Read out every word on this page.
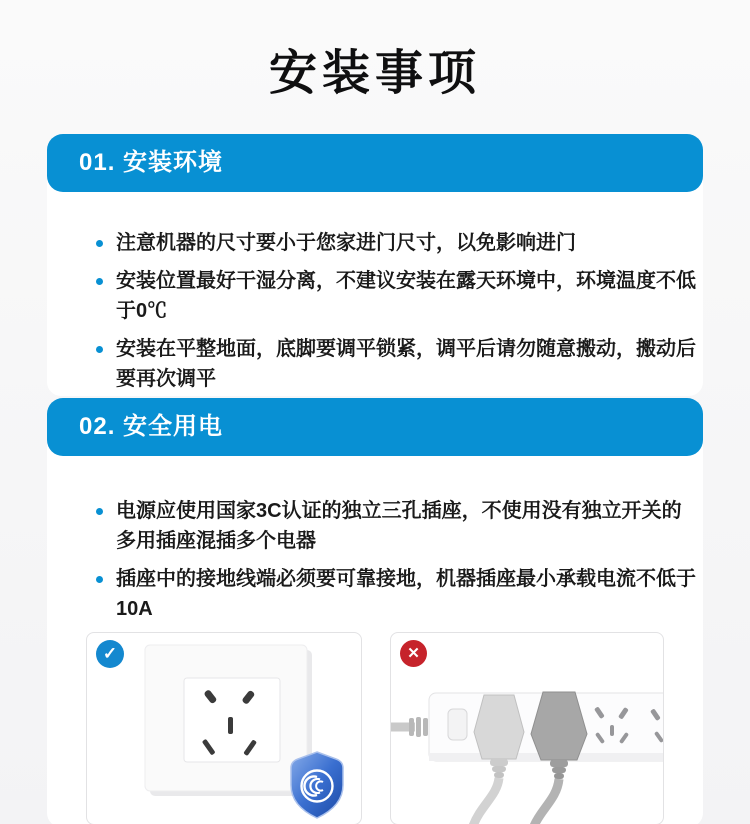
安装事项
01. 安装环境
注意机器的尺寸要小于您家进门尺寸，以免影响进门
安装位置最好干湿分离，不建议安装在露天环境中，环境温度不低于0℃
安装在平整地面，底脚要调平锁紧，调平后请勿随意搬动，搬动后要再次调平
02. 安全用电
电源应使用国家3C认证的独立三孔插座，不使用没有独立开关的多用插座混插多个电器
插座中的接地线端必须要可靠接地，机器插座最小承载电流不低于10A
✓	✕
